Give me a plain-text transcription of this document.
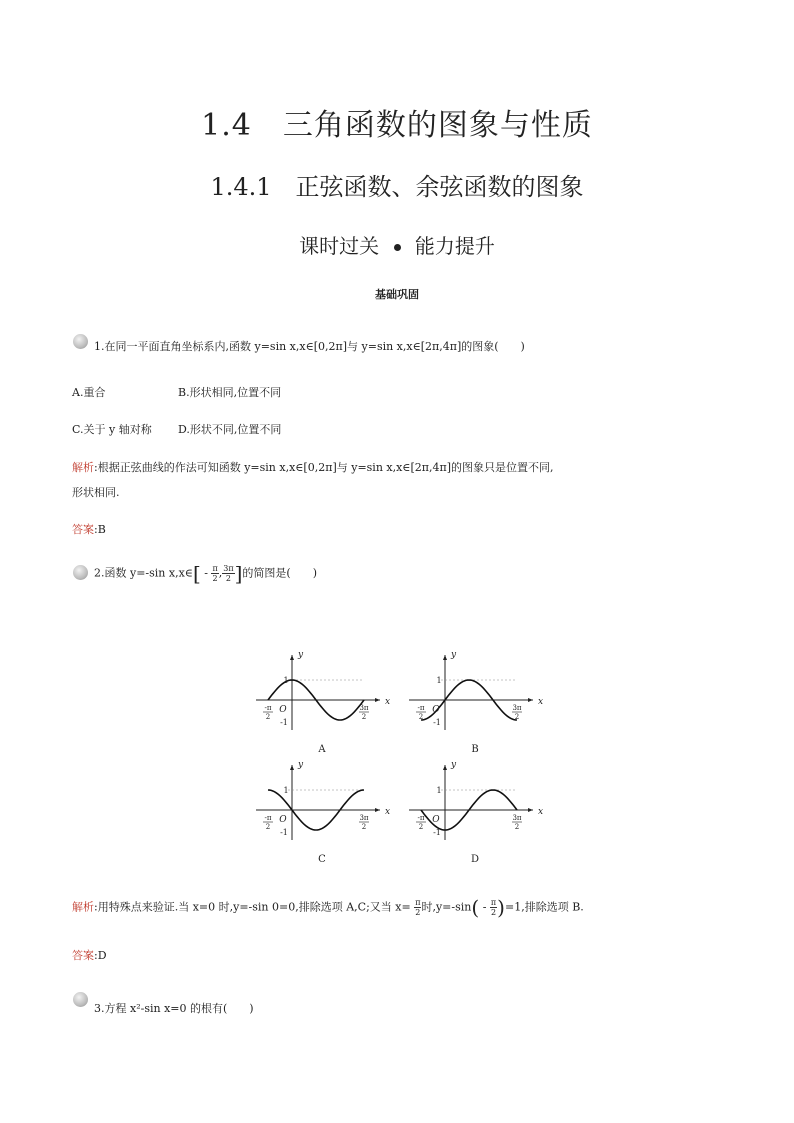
1.4　三角函数的图象与性质
1.4.1　正弦函数、余弦函数的图象
课时过关 能力提升
基础巩固
1.在同一平面直角坐标系内,函数 y=sin x,x∈[0,2π]与 y=sin x,x∈[2π,4π]的图象(　　)
A.重合	B.形状相同,位置不同
C.关于 y 轴对称 D.形状不同,位置不同
解析:根据正弦曲线的作法可知函数 y=sin x,x∈[0,2π]与 y=sin x,x∈[2π,4π]的图象只是位置不同,
形状相同.
答案:B
2.函数 y=-sin x,x∈[ - $\frac{\pi}{2}$ , $\frac{3\pi}{2}$ ]的简图是(　　)
y
x
1
-1
O
-π
2
3π
2
A
y
x
1
-1
O
-π
2
3π
2
B
y
x
1
-1
O
-π
2
3π
2
C
y
x
1
-1
O
-π
2
3π
2
D
解析:用特殊点来验证.当 x=0 时,y=-sin 0=0,排除选项 A,C;又当 $x= \frac{\pi}{2}$ 时$,y=-\sin( - \frac{\pi}{2} )=1$,排除选项 B.
答案:D
3.方程 x²-sin x=0 的根有(　　)
